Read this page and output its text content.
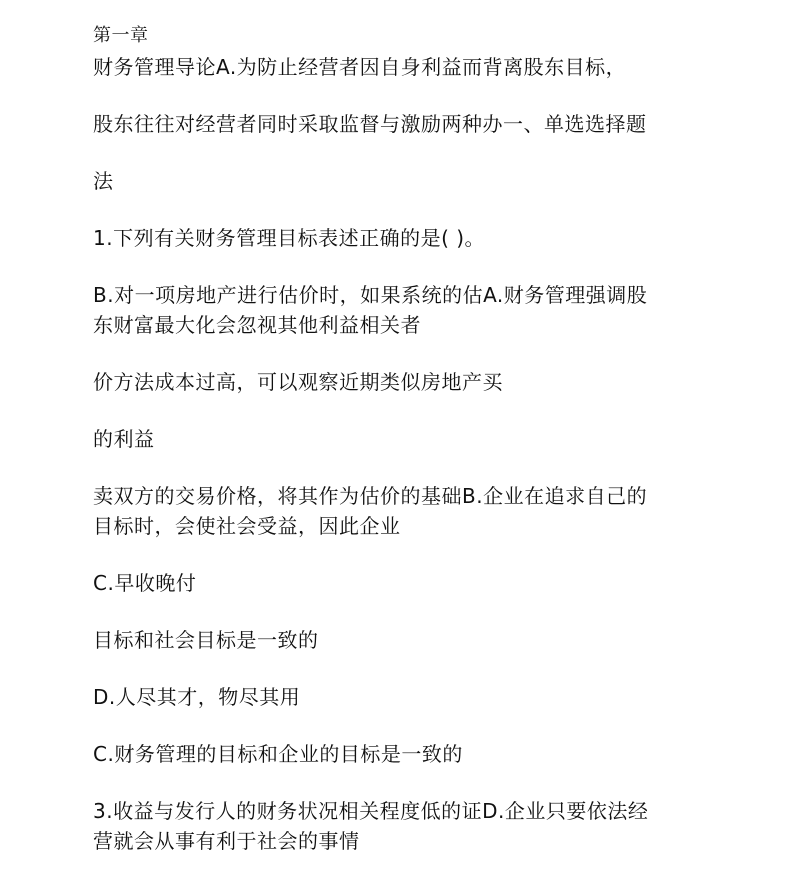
第一章
财务管理导论A.为防止经营者因自身利益而背离股东目标，
股东往往对经营者同时采取监督与激励两种办一、单选选择题
法
1.下列有关财务管理目标表述正确的是( )。
B.对一项房地产进行估价时，如果系统的估A.财务管理强调股
东财富最大化会忽视其他利益相关者
价方法成本过高，可以观察近期类似房地产买
的利益
卖双方的交易价格，将其作为估价的基础B.企业在追求自己的
目标时，会使社会受益，因此企业
C.早收晚付
目标和社会目标是一致的
D.人尽其才，物尽其用
C.财务管理的目标和企业的目标是一致的
3.收益与发行人的财务状况相关程度低的证D.企业只要依法经
营就会从事有利于社会的事情
